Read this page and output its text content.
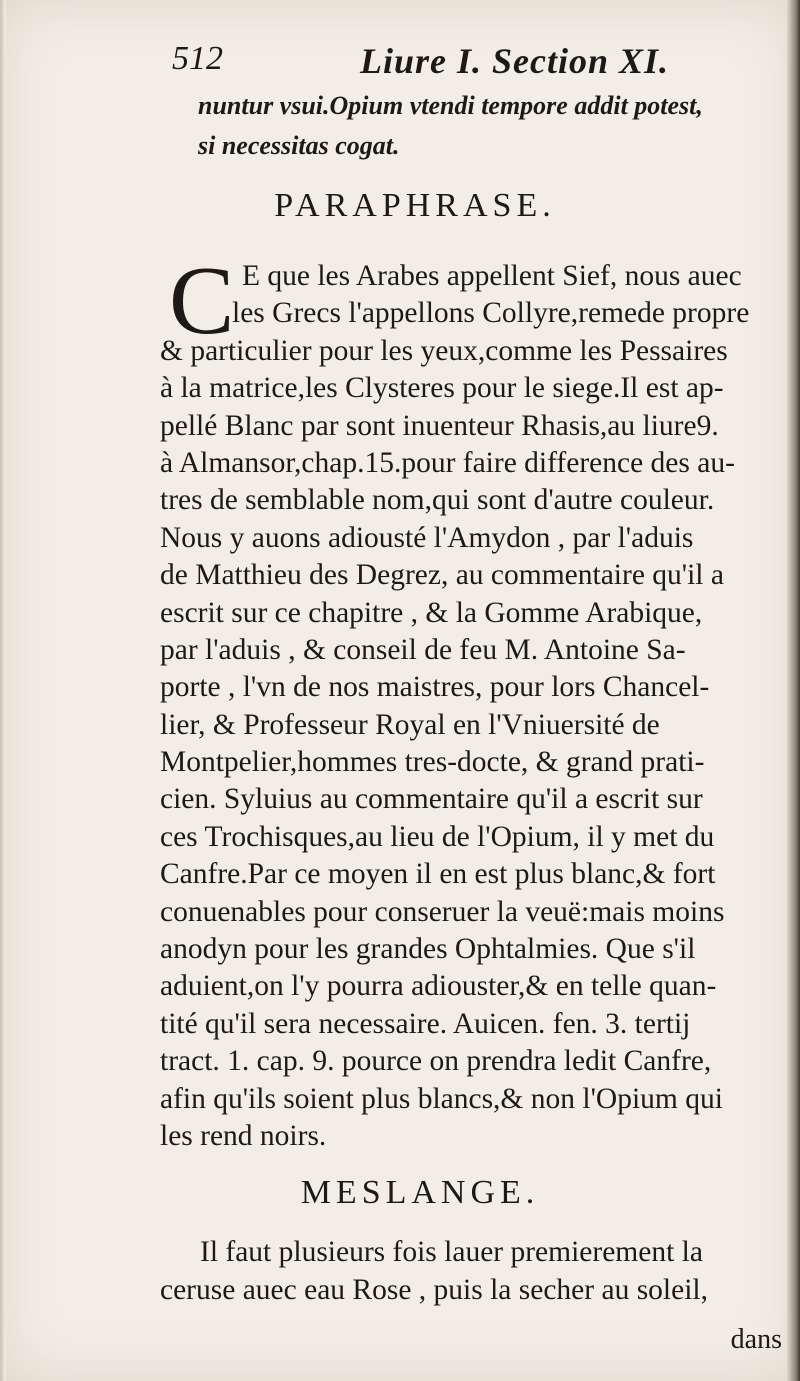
512	Liure I. Section XI.
nuntur vsui.Opium vtendi tempore addit potest,
si necessitas cogat.
PARAPHRASE.
C E que les Arabes appellent Sief, nous auec
les Grecs l'appellons Collyre,remede propre
& particulier pour les yeux,comme les Pessaires
à la matrice,les Clysteres pour le siege.Il est ap-
pellé Blanc par sont inuenteur Rhasis,au liure9.
à Almansor,chap.15.pour faire difference des au-
tres de semblable nom,qui sont d'autre couleur.
Nous y auons adiousté l'Amydon , par l'aduis
de Matthieu des Degrez, au commentaire qu'il a
escrit sur ce chapitre , & la Gomme Arabique,
par l'aduis , & conseil de feu M. Antoine Sa-
porte , l'vn de nos maistres, pour lors Chancel-
lier, & Professeur Royal en l'Vniuersité de
Montpelier,hommes tres-docte, & grand prati-
cien. Syluius au commentaire qu'il a escrit sur
ces Trochisques,au lieu de l'Opium, il y met du
Canfre.Par ce moyen il en est plus blanc,& fort
conuenables pour conseruer la veuë:mais moins
anodyn pour les grandes Ophtalmies. Que s'il
aduient,on l'y pourra adiouster,& en telle quan-
tité qu'il sera necessaire. Auicen. fen. 3. tertij
tract. 1. cap. 9. pource on prendra ledit Canfre,
afin qu'ils soient plus blancs,& non l'Opium qui
les rend noirs.
MESLANGE.
Il faut plusieurs fois lauer premierement la
ceruse auec eau Rose , puis la secher au soleil,
dans
